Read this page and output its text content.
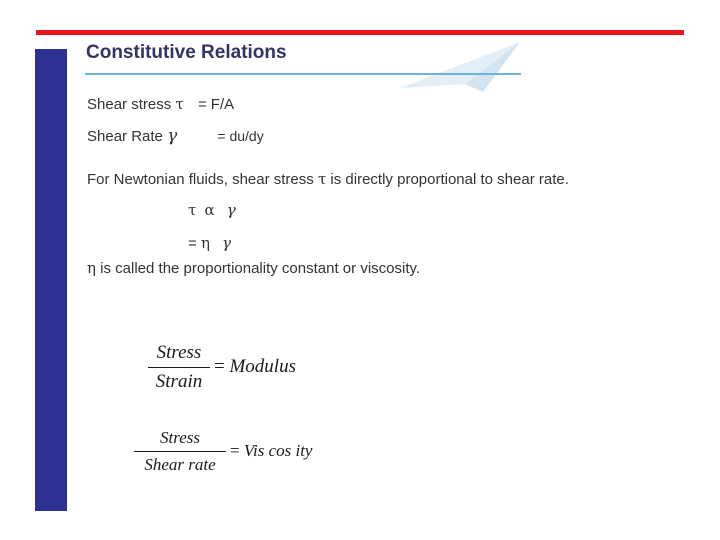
Constitutive Relations
Shear stress τ = F/A
Shear Rate γ	= du/dy
For Newtonian fluids, shear stress τ is directly proportional to shear rate.
τ α γ
= η γ
η is called the proportionality constant or viscosity.
Stress
Strain
= Modulus
Stress
Shear rate
= Vis cos ity
